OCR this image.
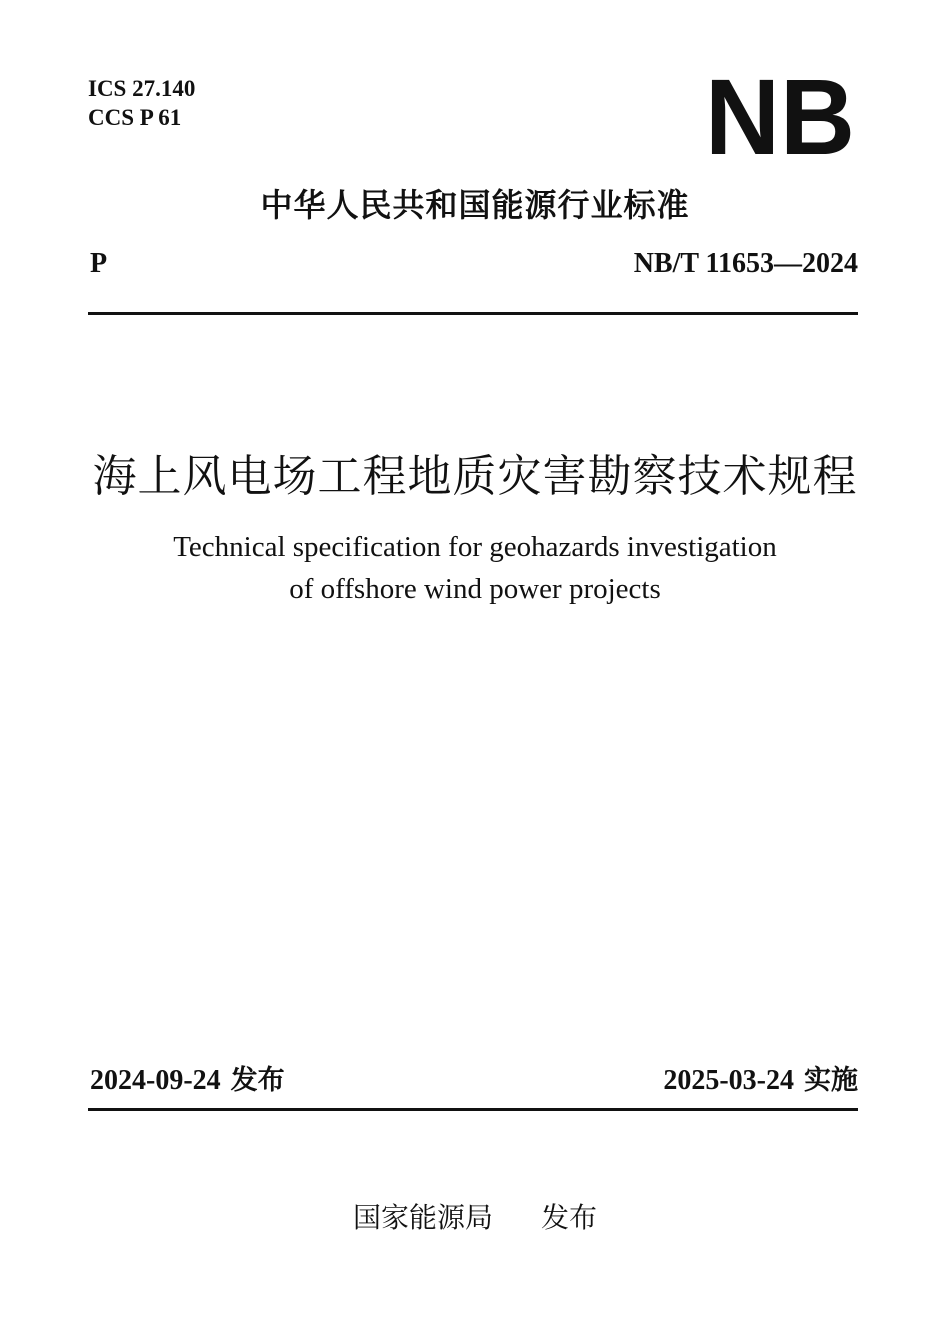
ICS 27.140
CCS P 61	NB
中华人民共和国能源行业标准
P	NB/T 11653—2024
海上风电场工程地质灾害勘察技术规程
Technical specification for geohazards investigation
of offshore wind power projects
2024-09-24 发布	2025-03-24 实施
国家能源局 发布
